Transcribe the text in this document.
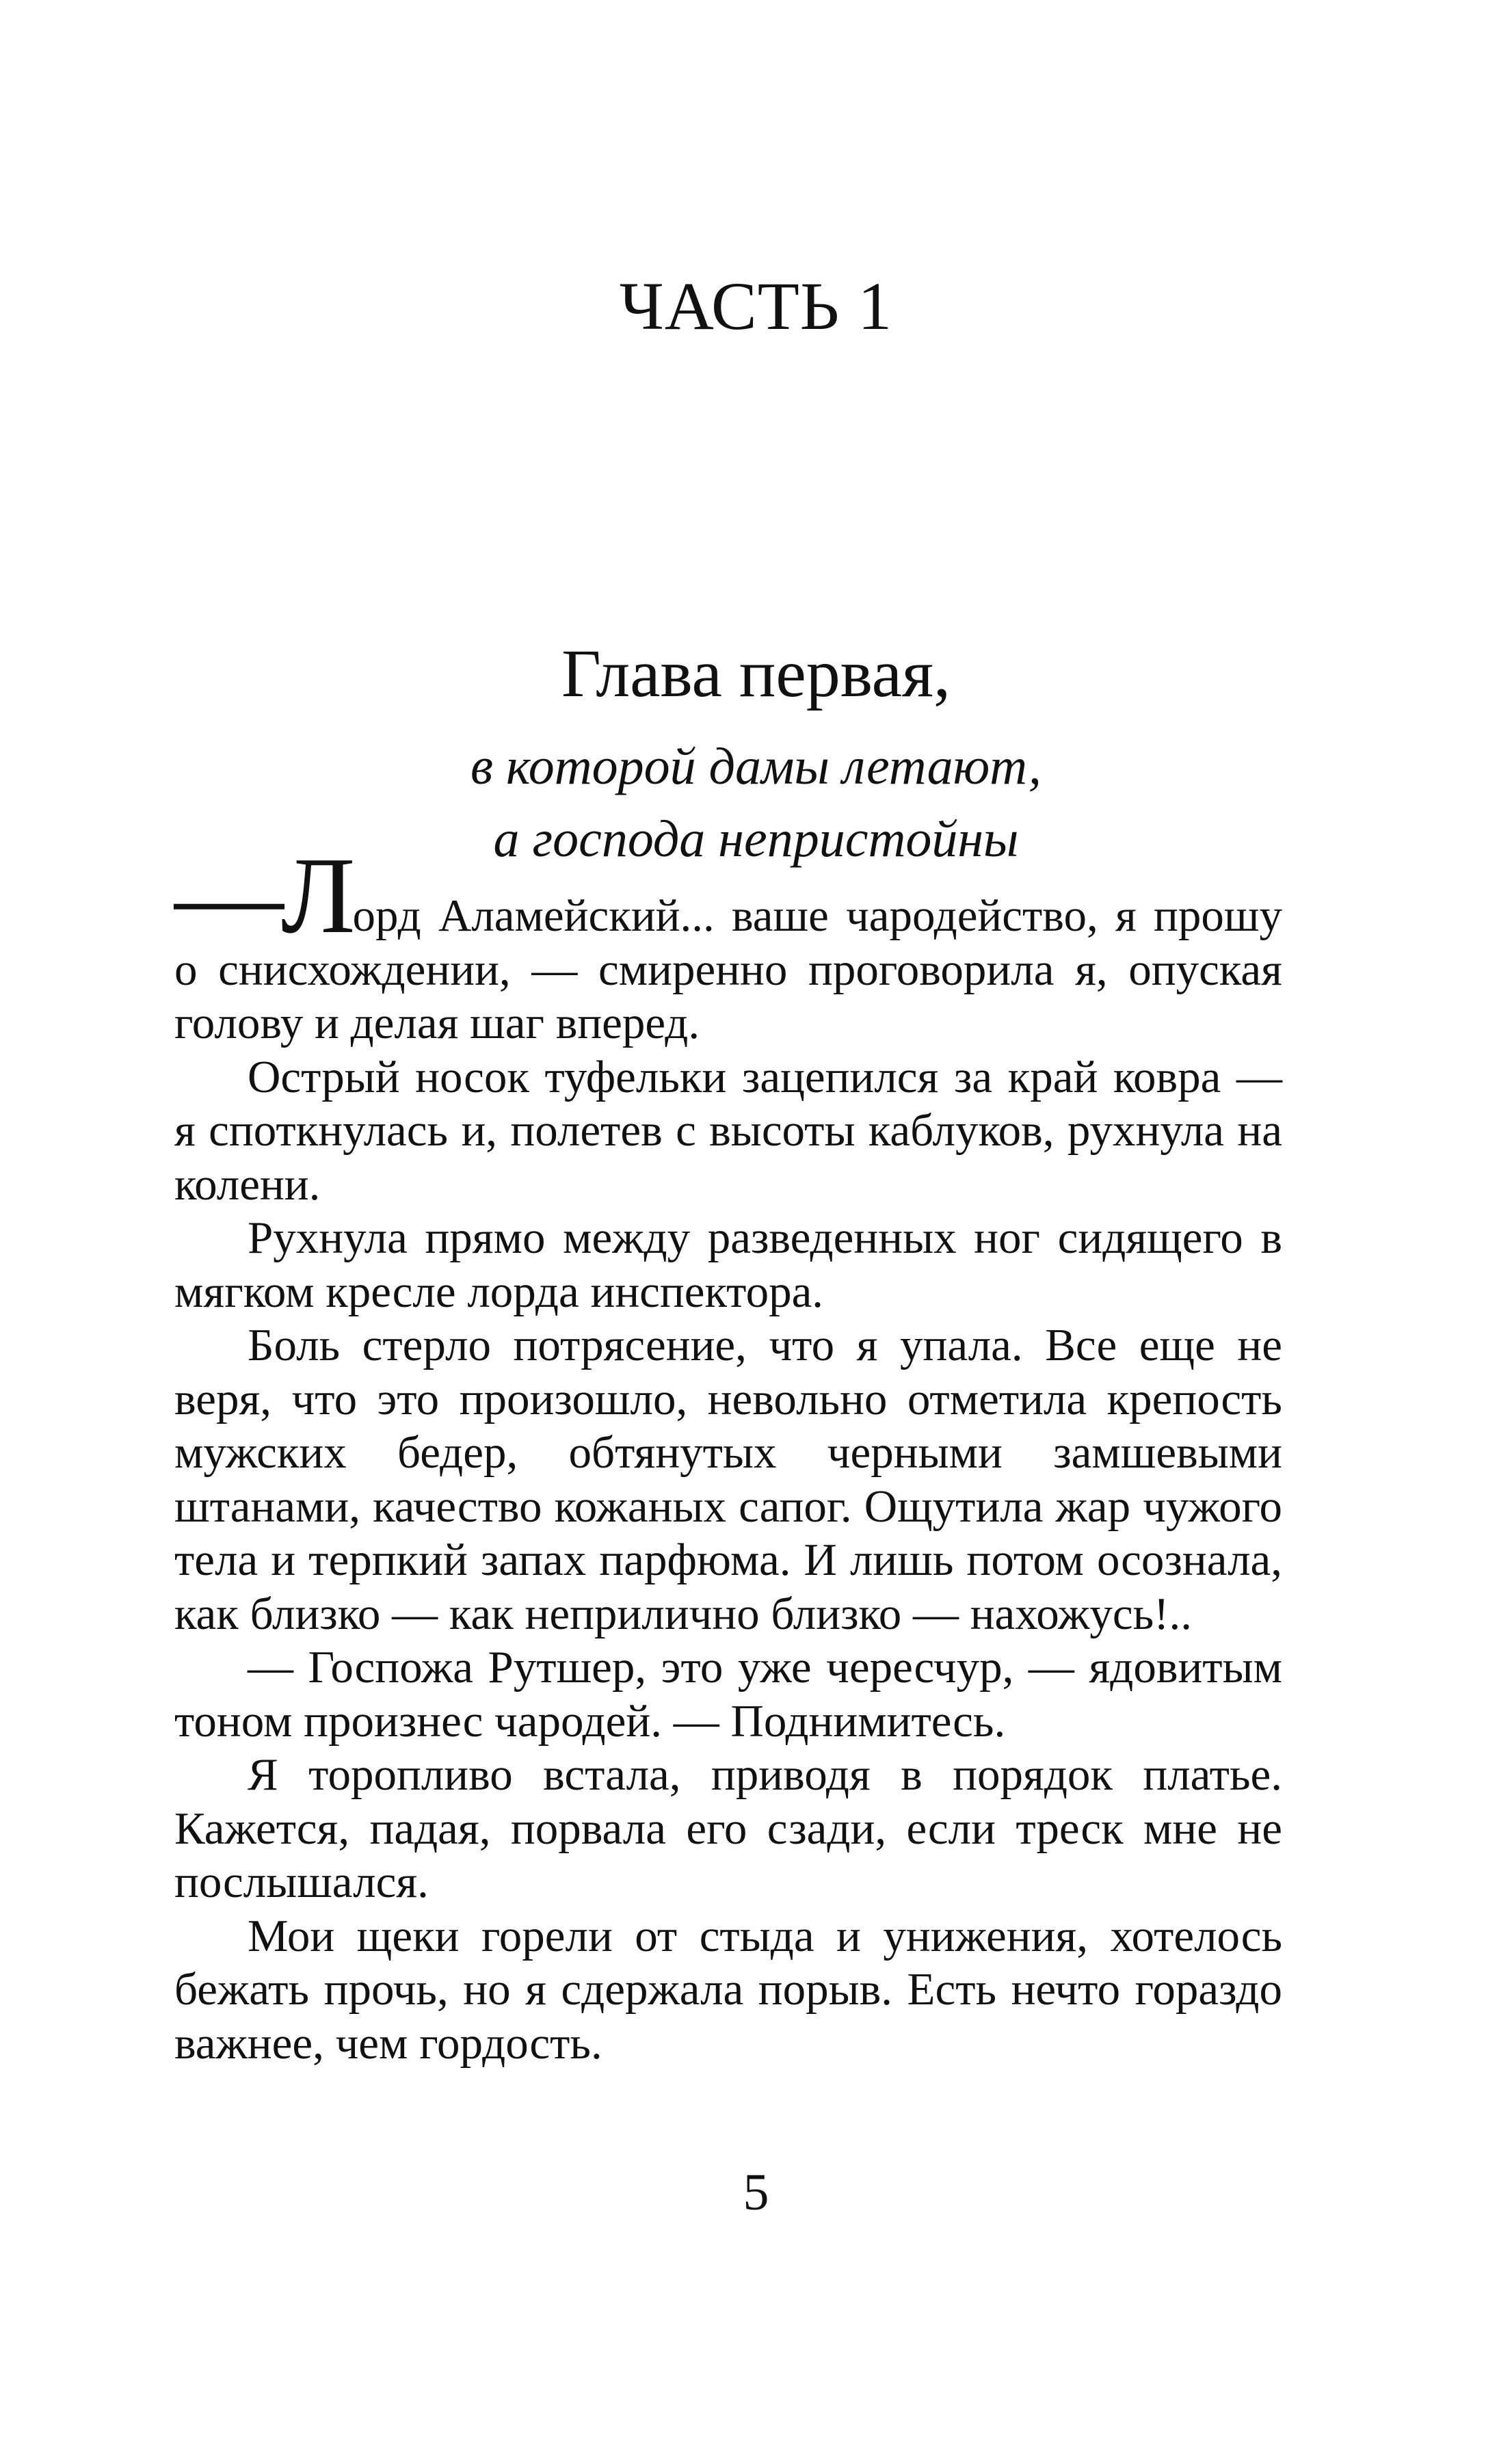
ЧАСТЬ 1
Глава первая,
в которой дамы летают,
а господа непристойны

—Лорд Аламейский... ваше чародейство, я прошу о снисхождении, — смиренно проговорила я, опуская голову и делая шаг вперед.

Острый носок туфельки зацепился за край ковра — я споткнулась и, полетев с высоты каблуков, рухнула на колени.

Рухнула прямо между разведенных ног сидящего в мягком кресле лорда инспектора.

Боль стерло потрясение, что я упала. Все еще не веря, что это произошло, невольно отметила крепость мужских бедер, обтянутых черными замшевыми штанами, качество кожаных сапог. Ощутила жар чужого тела и терпкий запах парфюма. И лишь потом осознала, как близко — как неприлично близко — нахожусь!..

— Госпожа Рутшер, это уже чересчур, — ядовитым тоном произнес чародей. — Поднимитесь.

Я торопливо встала, приводя в порядок платье. Кажется, падая, порвала его сзади, если треск мне не послышался.

Мои щеки горели от стыда и унижения, хотелось бежать прочь, но я сдержала порыв. Есть нечто гораздо важнее, чем гордость.

5
